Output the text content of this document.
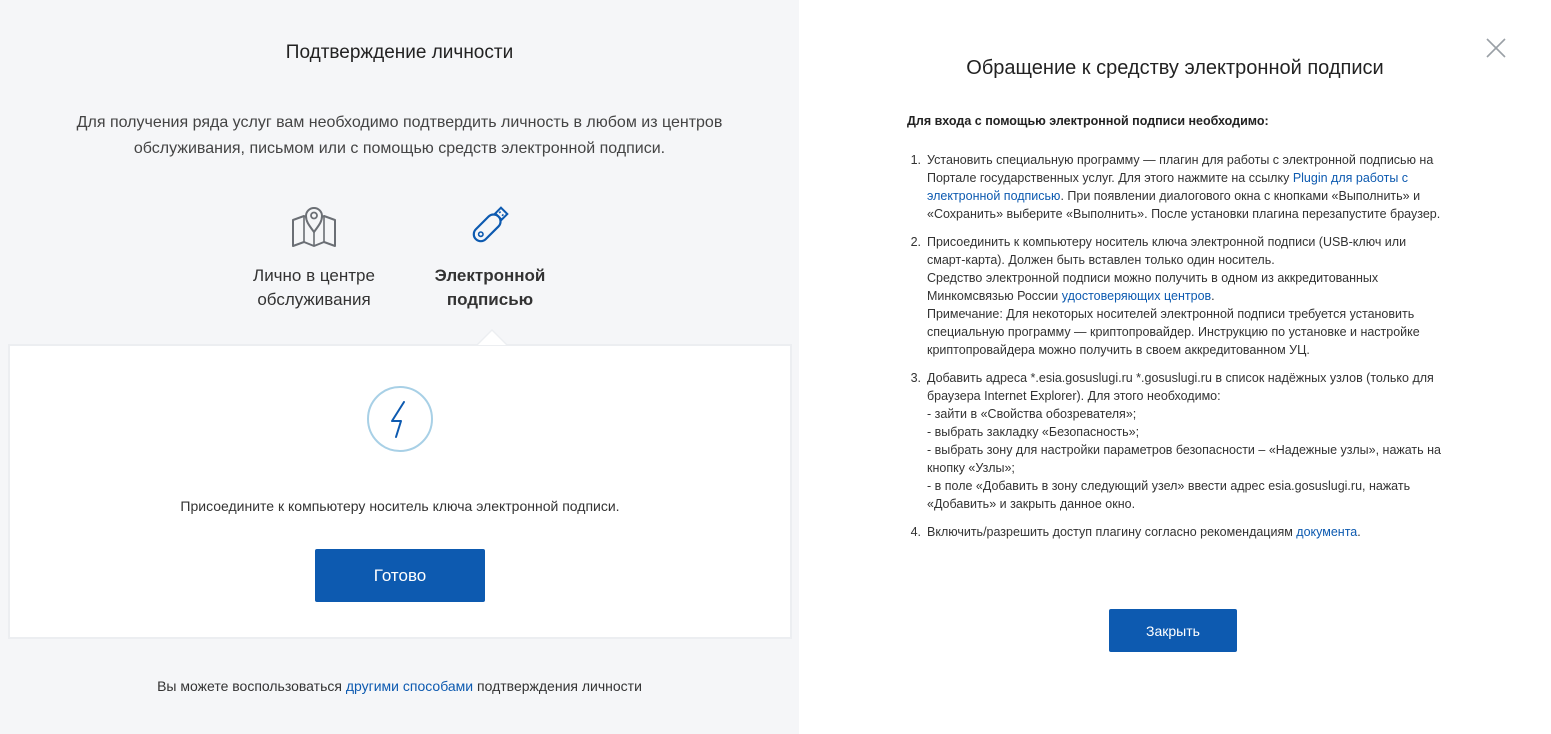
Подтверждение личности
Для получения ряда услуг вам необходимо подтвердить личность в любом из центров обслуживания, письмом или с помощью средств электронной подписи.
Лично в центре
обслуживания
Электронной
подписью
Присоедините к компьютеру носитель ключа электронной подписи.
Готово
Вы можете воспользоваться другими способами подтверждения личности
Обращение к средству электронной подписи
Для входа с помощью электронной подписи необходимо:
1. Установить специальную программу — плагин для работы с электронной подписью на Портале государственных услуг. Для этого нажмите на ссылку Plugin для работы с электронной подписью. При появлении диалогового окна с кнопками «Выполнить» и «Сохранить» выберите «Выполнить». После установки плагина перезапустите браузер.
2. Присоединить к компьютеру носитель ключа электронной подписи (USB-ключ или смарт-карта). Должен быть вставлен только один носитель.
Средство электронной подписи можно получить в одном из аккредитованных Минкомсвязью России удостоверяющих центров.
Примечание: Для некоторых носителей электронной подписи требуется установить специальную программу — криптопровайдер. Инструкцию по установке и настройке криптопровайдера можно получить в своем аккредитованном УЦ.
3. Добавить адреса *.esia.gosuslugi.ru *.gosuslugi.ru в список надёжных узлов (только для браузера Internet Explorer). Для этого необходимо:
- зайти в «Свойства обозревателя»;
- выбрать закладку «Безопасность»;
- выбрать зону для настройки параметров безопасности – «Надежные узлы», нажать на кнопку «Узлы»;
- в поле «Добавить в зону следующий узел» ввести адрес esia.gosuslugi.ru, нажать «Добавить» и закрыть данное окно.
4. Включить/разрешить доступ плагину согласно рекомендациям документа.
Закрыть
